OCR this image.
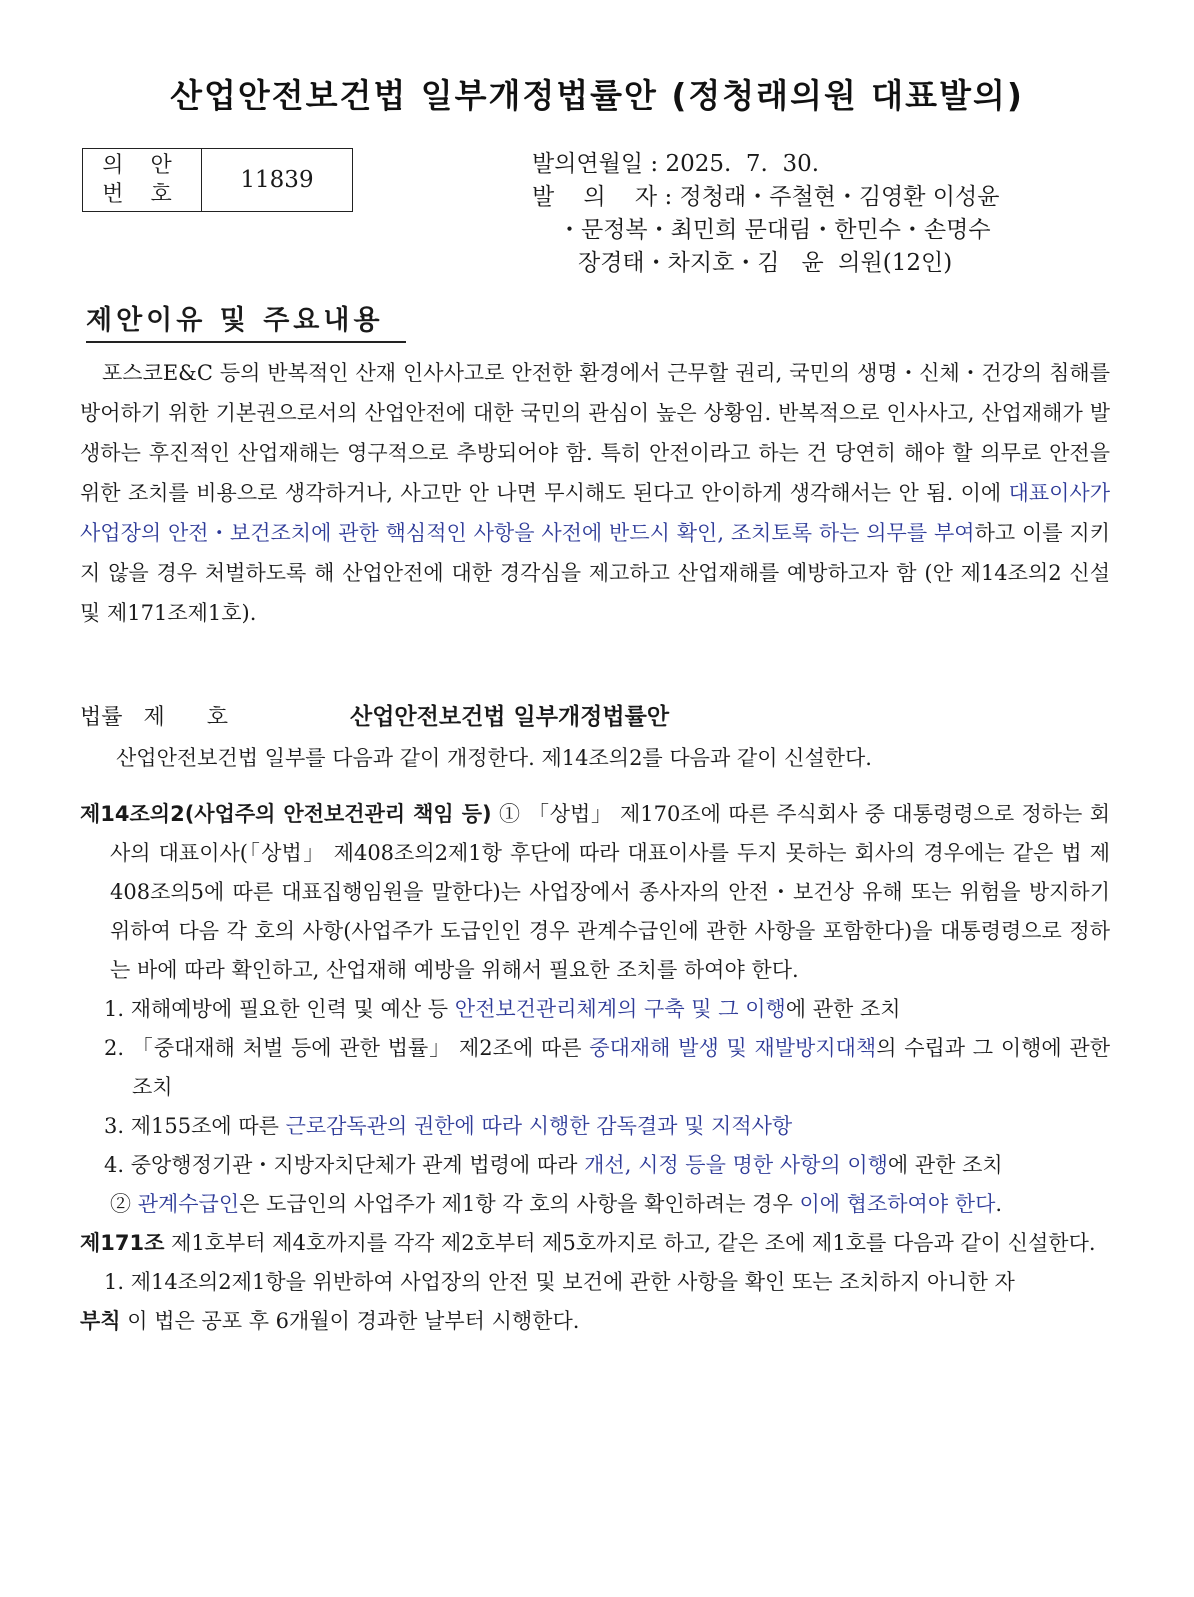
산업안전보건법 일부개정법률안 (정청래의원 대표발의)
의 안
번 호
	11839
발의연월일 : 2025.  7.  30.
발    의    자 : 정청래・주철현・김영환 이성윤
・문정복・최민희 문대림・한민수・손명수
장경태・차지호・김   윤  의원(12인)
제안이유 및 주요내용
포스코E&C 등의 반복적인 산재 인사사고로 안전한 환경에서 근무할 권리, 국민의 생명・신체・건강의 침해를 방어하기 위한 기본권으로서의 산업안전에 대한 국민의 관심이 높은 상황임. 반복적으로 인사사고, 산업재해가 발생하는 후진적인 산업재해는 영구적으로 추방되어야 함. 특히 안전이라고 하는 건 당연히 해야 할 의무로 안전을 위한 조치를 비용으로 생각하거나, 사고만 안 나면 무시해도 된다고 안이하게 생각해서는 안 됨. 이에 대표이사가 사업장의 안전・보건조치에 관한 핵심적인 사항을 사전에 반드시 확인, 조치토록 하는 의무를 부여하고 이를 지키지 않을 경우 처벌하도록 해 산업안전에 대한 경각심을 제고하고 산업재해를 예방하고자 함 (안 제14조의2 신설 및 제171조제1호).
법률   제      호	산업안전보건법 일부개정법률안
산업안전보건법 일부를 다음과 같이 개정한다. 제14조의2를 다음과 같이 신설한다.
제14조의2(사업주의 안전보건관리 책임 등) ① 「상법」 제170조에 따른 주식회사 중 대통령령으로 정하는 회사의 대표이사(「상법」 제408조의2제1항 후단에 따라 대표이사를 두지 못하는 회사의 경우에는 같은 법 제408조의5에 따른 대표집행임원을 말한다)는 사업장에서 종사자의 안전・보건상 유해 또는 위험을 방지하기 위하여 다음 각 호의 사항(사업주가 도급인인 경우 관계수급인에 관한 사항을 포함한다)을 대통령령으로 정하는 바에 따라 확인하고, 산업재해 예방을 위해서 필요한 조치를 하여야 한다.
1. 재해예방에 필요한 인력 및 예산 등 안전보건관리체계의 구축 및 그 이행에 관한 조치
2. 「중대재해 처벌 등에 관한 법률」 제2조에 따른 중대재해 발생 및 재발방지대책의 수립과 그 이행에 관한 조치
3. 제155조에 따른 근로감독관의 권한에 따라 시행한 감독결과 및 지적사항
4. 중앙행정기관・지방자치단체가 관계 법령에 따라 개선, 시정 등을 명한 사항의 이행에 관한 조치
② 관계수급인은 도급인의 사업주가 제1항 각 호의 사항을 확인하려는 경우 이에 협조하여야 한다.
제171조 제1호부터 제4호까지를 각각 제2호부터 제5호까지로 하고, 같은 조에 제1호를 다음과 같이 신설한다.
1. 제14조의2제1항을 위반하여 사업장의 안전 및 보건에 관한 사항을 확인 또는 조치하지 아니한 자
부칙 이 법은 공포 후 6개월이 경과한 날부터 시행한다.
